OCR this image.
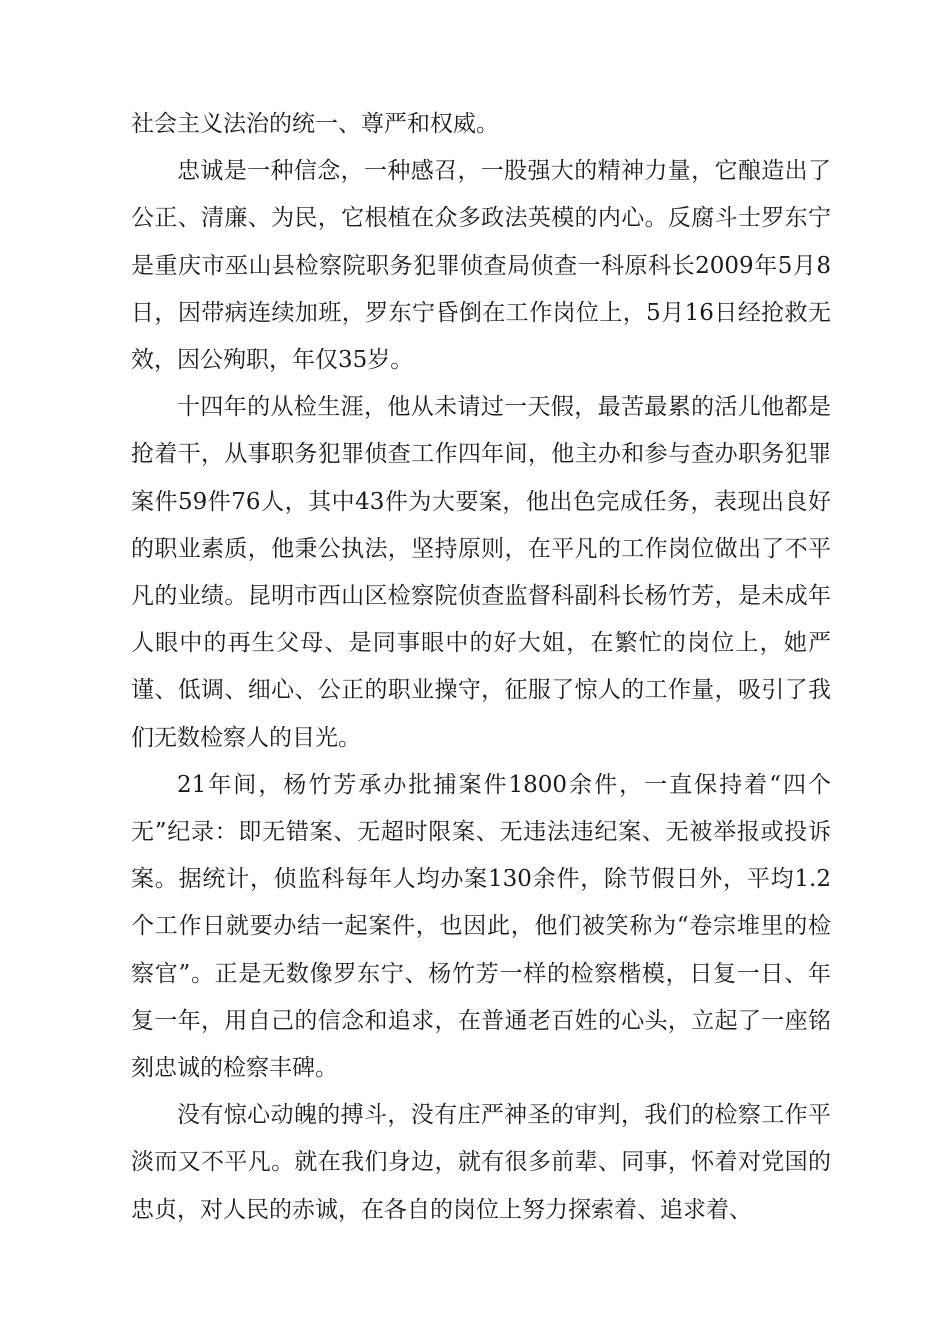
社会主义法治的统一、尊严和权威。

忠诚是一种信念，一种感召，一股强大的精神力量，它酿造出了公正、清廉、为民，它根植在众多政法英模的内心。反腐斗士罗东宁是重庆市巫山县检察院职务犯罪侦查局侦查一科原科长2009年5月8日，因带病连续加班，罗东宁昏倒在工作岗位上，5月16日经抢救无效，因公殉职，年仅35岁。

十四年的从检生涯，他从未请过一天假，最苦最累的活儿他都是抢着干，从事职务犯罪侦查工作四年间，他主办和参与查办职务犯罪案件59件76人，其中43件为大要案，他出色完成任务，表现出良好的职业素质，他秉公执法，坚持原则，在平凡的工作岗位做出了不平凡的业绩。昆明市西山区检察院侦查监督科副科长杨竹芳，是未成年人眼中的再生父母、是同事眼中的好大姐，在繁忙的岗位上，她严谨、低调、细心、公正的职业操守，征服了惊人的工作量，吸引了我们无数检察人的目光。

21年间，杨竹芳承办批捕案件1800余件，一直保持着“四个无”纪录：即无错案、无超时限案、无违法违纪案、无被举报或投诉案。据统计，侦监科每年人均办案130余件，除节假日外，平均1.2个工作日就要办结一起案件，也因此，他们被笑称为“卷宗堆里的检察官”。正是无数像罗东宁、杨竹芳一样的检察楷模，日复一日、年复一年，用自己的信念和追求，在普通老百姓的心头，立起了一座铭刻忠诚的检察丰碑。

没有惊心动魄的搏斗，没有庄严神圣的审判，我们的检察工作平淡而又不平凡。就在我们身边，就有很多前辈、同事，怀着对党国的忠贞，对人民的赤诚，在各自的岗位上努力探索着、追求着、
